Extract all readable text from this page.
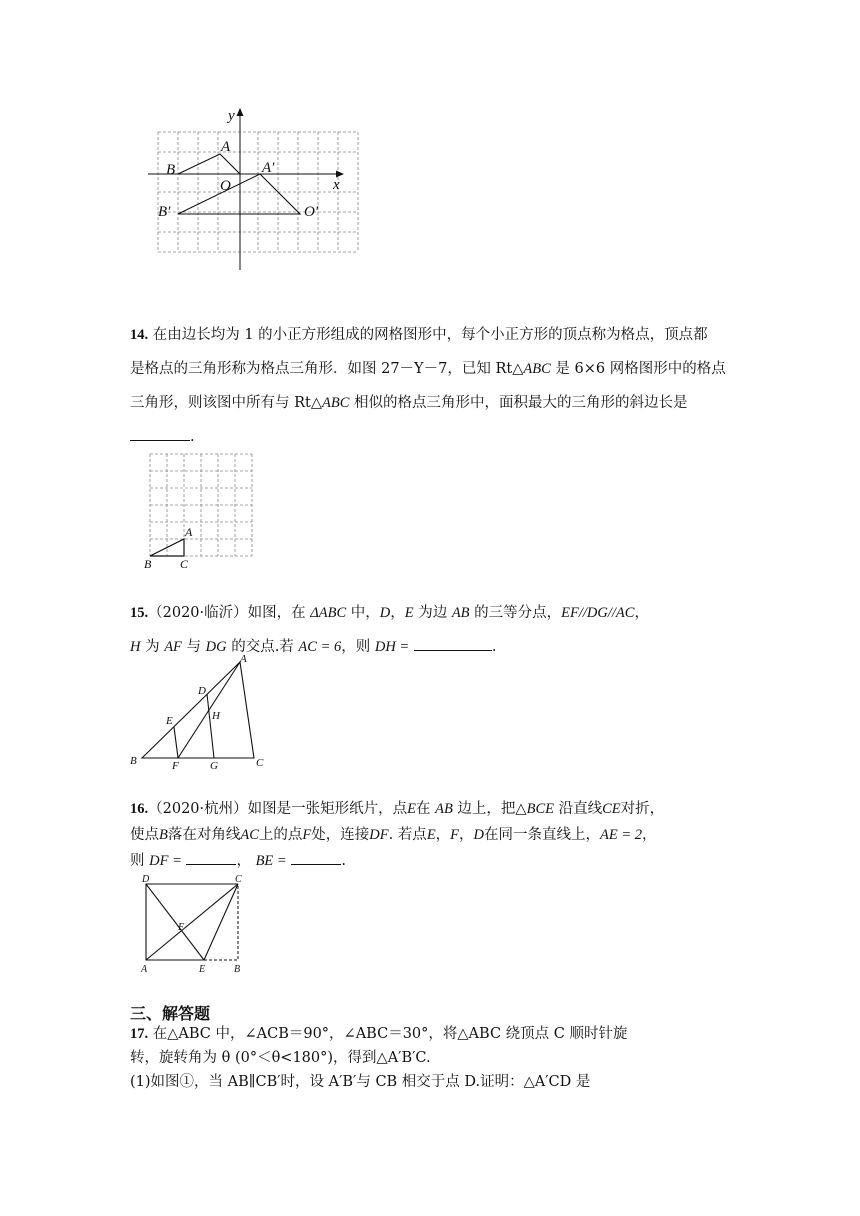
y
x
A
B
O
A′
B′	O′
14. 在由边长均为 1 的小正方形组成的网格图形中，每个小正方形的顶点称为格点，顶点都
是格点的三角形称为格点三角形．如图 27－Y－7，已知 Rt△ABC 是 6×6 网格图形中的格点
三角形，则该图中所有与 Rt△ABC 相似的格点三角形中，面积最大的三角形的斜边长是
.
A
B C
15.（2020·临沂）如图，在 ΔABC 中，D，E 为边 AB 的三等分点，EF//DG//AC，
H 为 AF 与 DG 的交点.若 AC = 6，则 DH =	.
A
B	C
D
E
F	G
H
16.（2020·杭州）如图是一张矩形纸片，点E在 AB 边上，把△BCE 沿直线CE对折，
使点B落在对角线AC上的点F处，连接DF. 若点E，F，D在同一条直线上，AE = 2，
则 DF =	， BE =	.
D	C
A	E	B
F
三、解答题
17. 在△ABC 中，∠ACB＝90°，∠ABC＝30°，将△ABC 绕顶点 C 顺时针旋
转，旋转角为 θ (0°＜θ<180°)，得到△A′B′C.
(1)如图①，当 AB∥CB′时，设 A′B′与 CB 相交于点 D.证明：△A′CD 是
